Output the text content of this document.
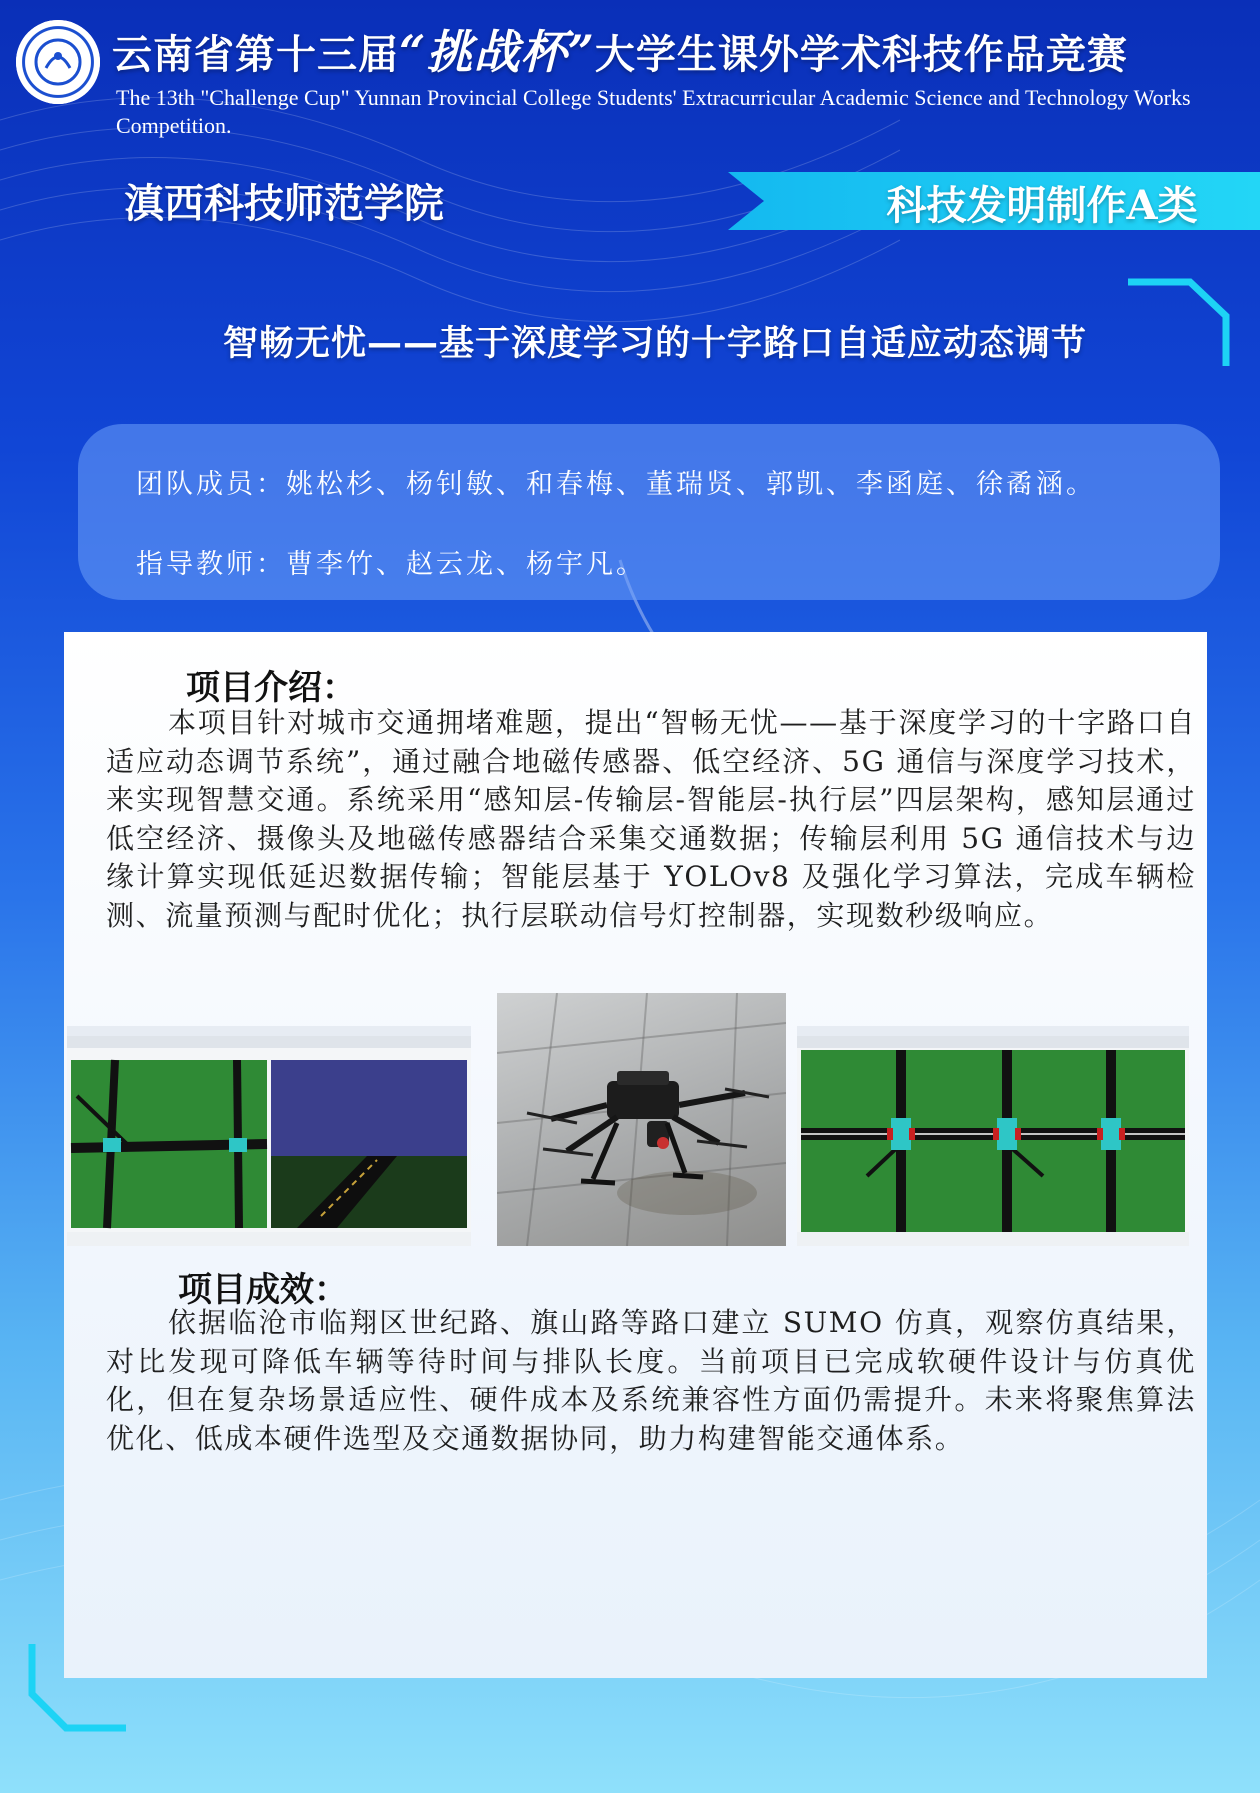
云南省第十三届“挑战杯”大学生课外学术科技作品竞赛
The 13th "Challenge Cup" Yunnan Provincial College Students' Extracurricular Academic Science and Technology Works Competition.
滇西科技师范学院	科技发明制作A类
智畅无忧——基于深度学习的十字路口自适应动态调节
团队成员：姚松杉、杨钊敏、和春梅、董瑞贤、郭凯、李函庭、徐矞涵。
指导教师：曹李竹、赵云龙、杨宇凡。
项目介绍：
本项目针对城市交通拥堵难题，提出“智畅无忧——基于深度学习的十字路口自适应动态调节系统”，通过融合地磁传感器、低空经济、5G 通信与深度学习技术，来实现智慧交通。系统采用“感知层-传输层-智能层-执行层”四层架构，感知层通过低空经济、摄像头及地磁传感器结合采集交通数据；传输层利用 5G 通信技术与边缘计算实现低延迟数据传输；智能层基于 YOLOv8 及强化学习算法，完成车辆检测、流量预测与配时优化；执行层联动信号灯控制器，实现数秒级响应。
项目成效：
依据临沧市临翔区世纪路、旗山路等路口建立 SUMO 仿真，观察仿真结果，对比发现可降低车辆等待时间与排队长度。当前项目已完成软硬件设计与仿真优化，但在复杂场景适应性、硬件成本及系统兼容性方面仍需提升。未来将聚焦算法优化、低成本硬件选型及交通数据协同，助力构建智能交通体系。
